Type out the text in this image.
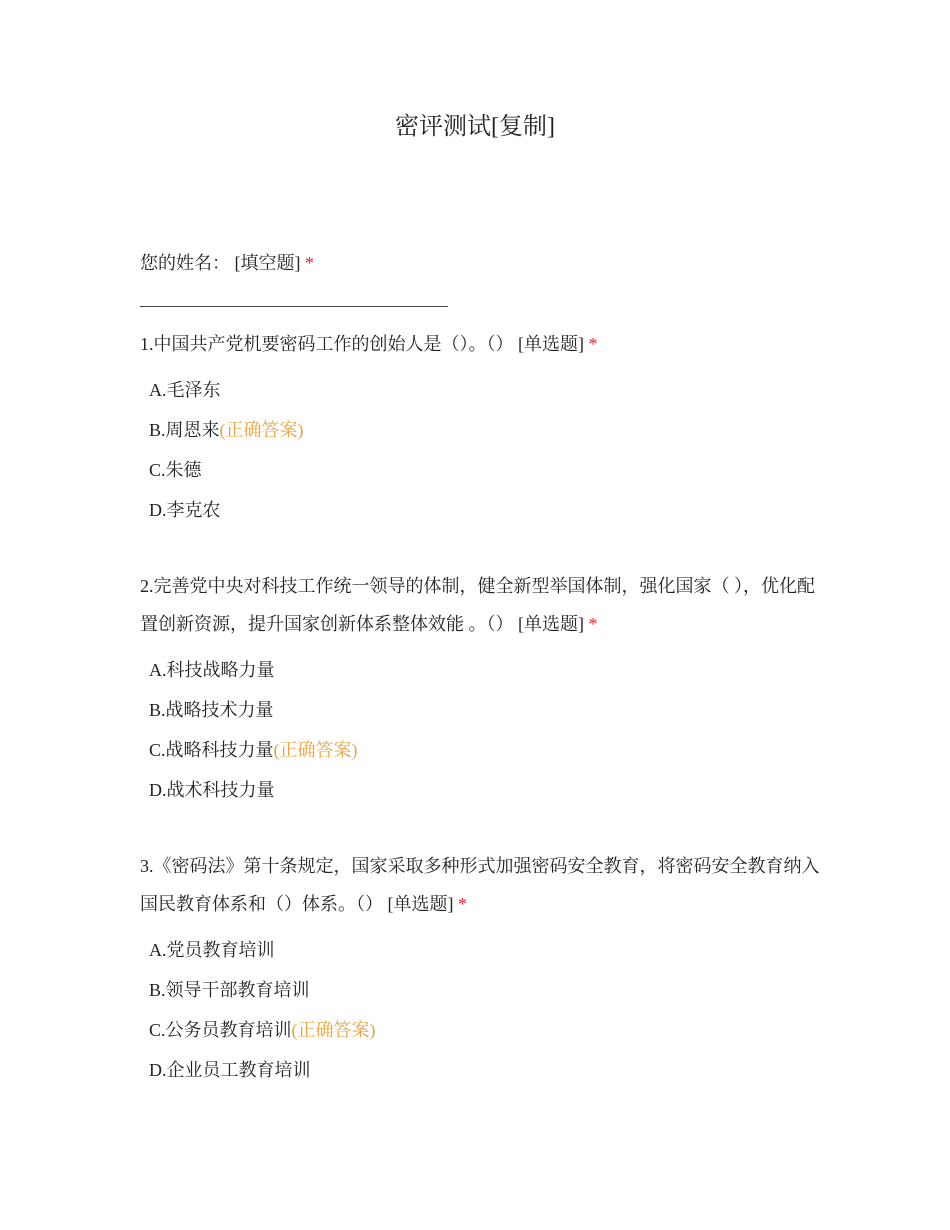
密评测试[复制]
您的姓名： [填空题] *
1.中国共产党机要密码工作的创始人是（）。（） [单选题] *
A.毛泽东
B.周恩来(正确答案)
C.朱德
D.李克农
2.完善党中央对科技工作统一领导的体制，健全新型举国体制，强化国家（ ），优化配置创新资源，提升国家创新体系整体效能 。（） [单选题] *
A.科技战略力量
B.战略技术力量
C.战略科技力量(正确答案)
D.战术科技力量
3.《密码法》第十条规定，国家采取多种形式加强密码安全教育，将密码安全教育纳入国民教育体系和（）体系。（） [单选题] *
A.党员教育培训
B.领导干部教育培训
C.公务员教育培训(正确答案)
D.企业员工教育培训
